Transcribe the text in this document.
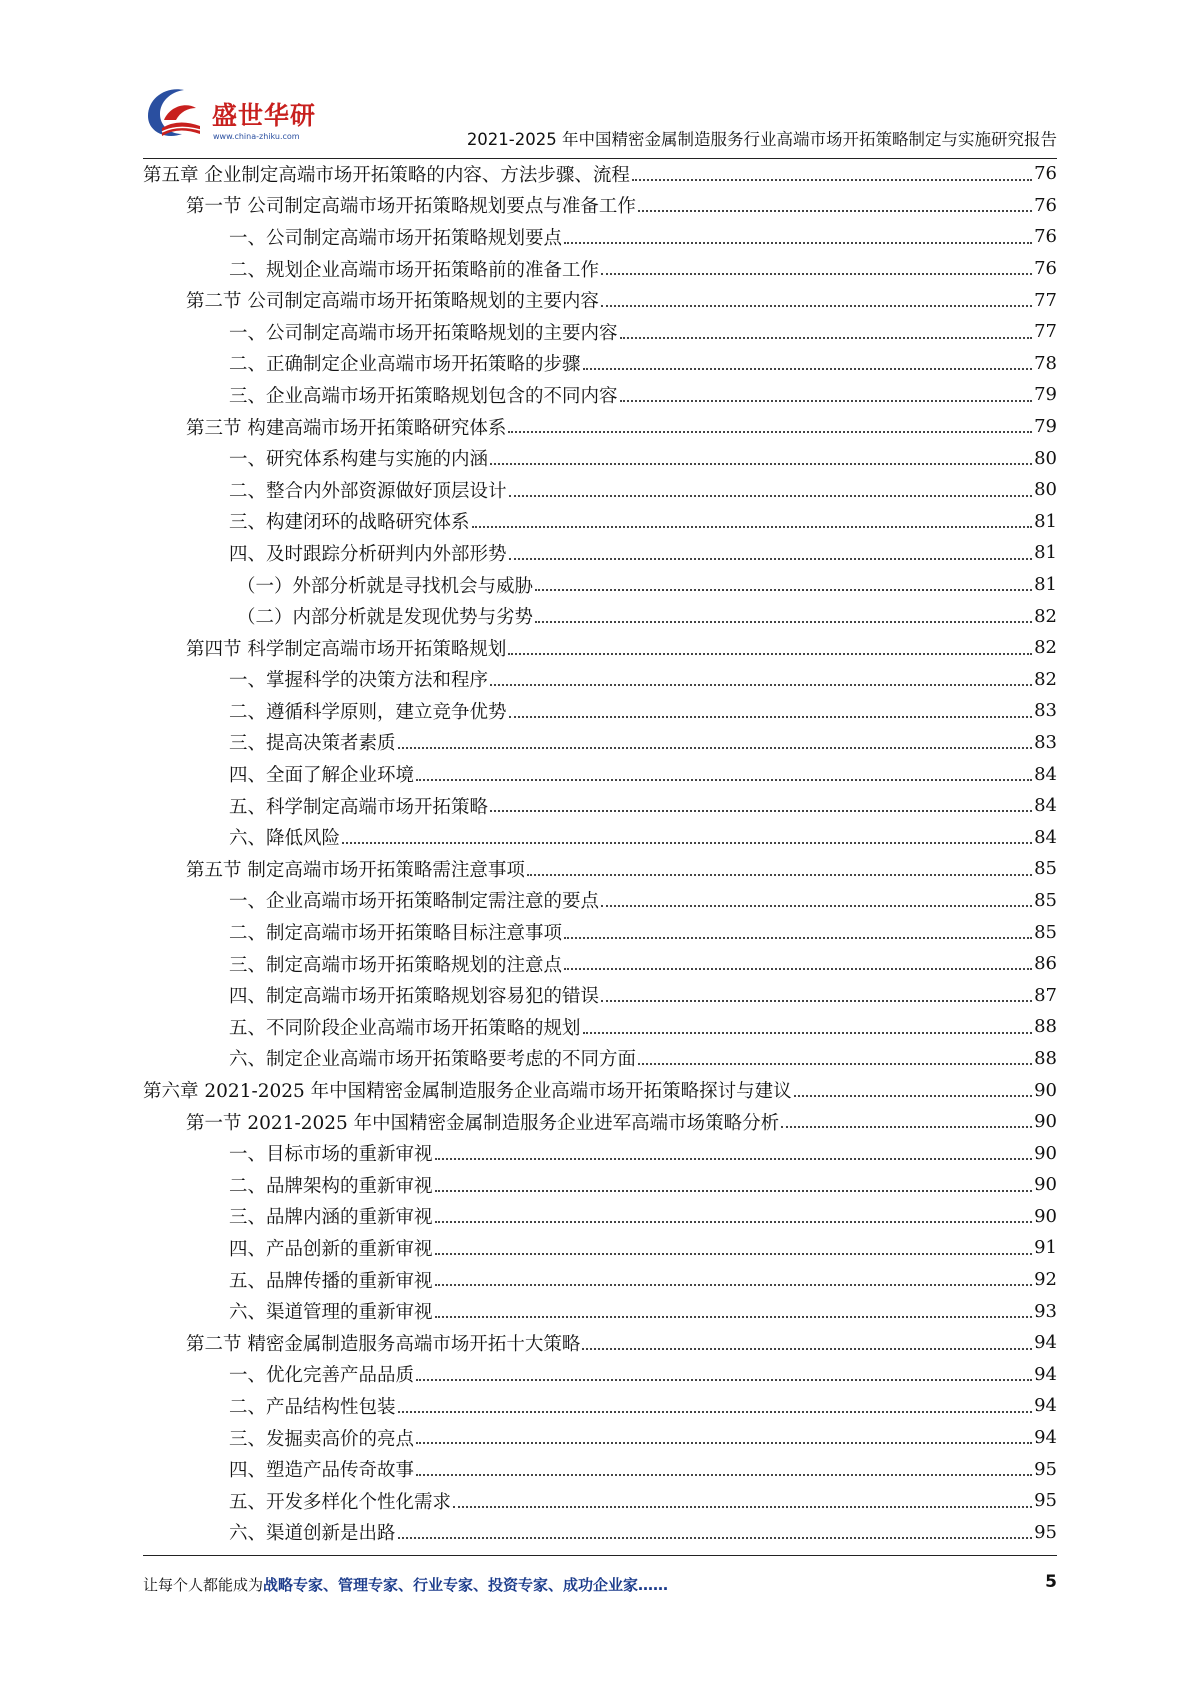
盛世华研
www.china-zhiku.com	2021-2025 年中国精密金属制造服务行业高端市场开拓策略制定与实施研究报告
第五章 企业制定高端市场开拓策略的内容、方法步骤、流程	76
第一节 公司制定高端市场开拓策略规划要点与准备工作	76
一、公司制定高端市场开拓策略规划要点	76
二、规划企业高端市场开拓策略前的准备工作	76
第二节 公司制定高端市场开拓策略规划的主要内容	77
一、公司制定高端市场开拓策略规划的主要内容	77
二、正确制定企业高端市场开拓策略的步骤	78
三、企业高端市场开拓策略规划包含的不同内容	79
第三节 构建高端市场开拓策略研究体系	79
一、研究体系构建与实施的内涵	80
二、整合内外部资源做好顶层设计	80
三、构建闭环的战略研究体系	81
四、及时跟踪分析研判内外部形势	81
（一）外部分析就是寻找机会与威胁	81
（二）内部分析就是发现优势与劣势	82
第四节 科学制定高端市场开拓策略规划	82
一、掌握科学的决策方法和程序	82
二、遵循科学原则，建立竞争优势	83
三、提高决策者素质	83
四、全面了解企业环境	84
五、科学制定高端市场开拓策略	84
六、降低风险	84
第五节 制定高端市场开拓策略需注意事项	85
一、企业高端市场开拓策略制定需注意的要点	85
二、制定高端市场开拓策略目标注意事项	85
三、制定高端市场开拓策略规划的注意点	86
四、制定高端市场开拓策略规划容易犯的错误	87
五、不同阶段企业高端市场开拓策略的规划	88
六、制定企业高端市场开拓策略要考虑的不同方面	88
第六章 2021-2025 年中国精密金属制造服务企业高端市场开拓策略探讨与建议	90
第一节 2021-2025 年中国精密金属制造服务企业进军高端市场策略分析	90
一、目标市场的重新审视	90
二、品牌架构的重新审视	90
三、品牌内涵的重新审视	90
四、产品创新的重新审视	91
五、品牌传播的重新审视	92
六、渠道管理的重新审视	93
第二节 精密金属制造服务高端市场开拓十大策略	94
一、优化完善产品品质	94
二、产品结构性包装	94
三、发掘卖高价的亮点	94
四、塑造产品传奇故事	95
五、开发多样化个性化需求	95
六、渠道创新是出路	95
让每个人都能成为战略专家、管理专家、行业专家、投资专家、成功企业家……	5
